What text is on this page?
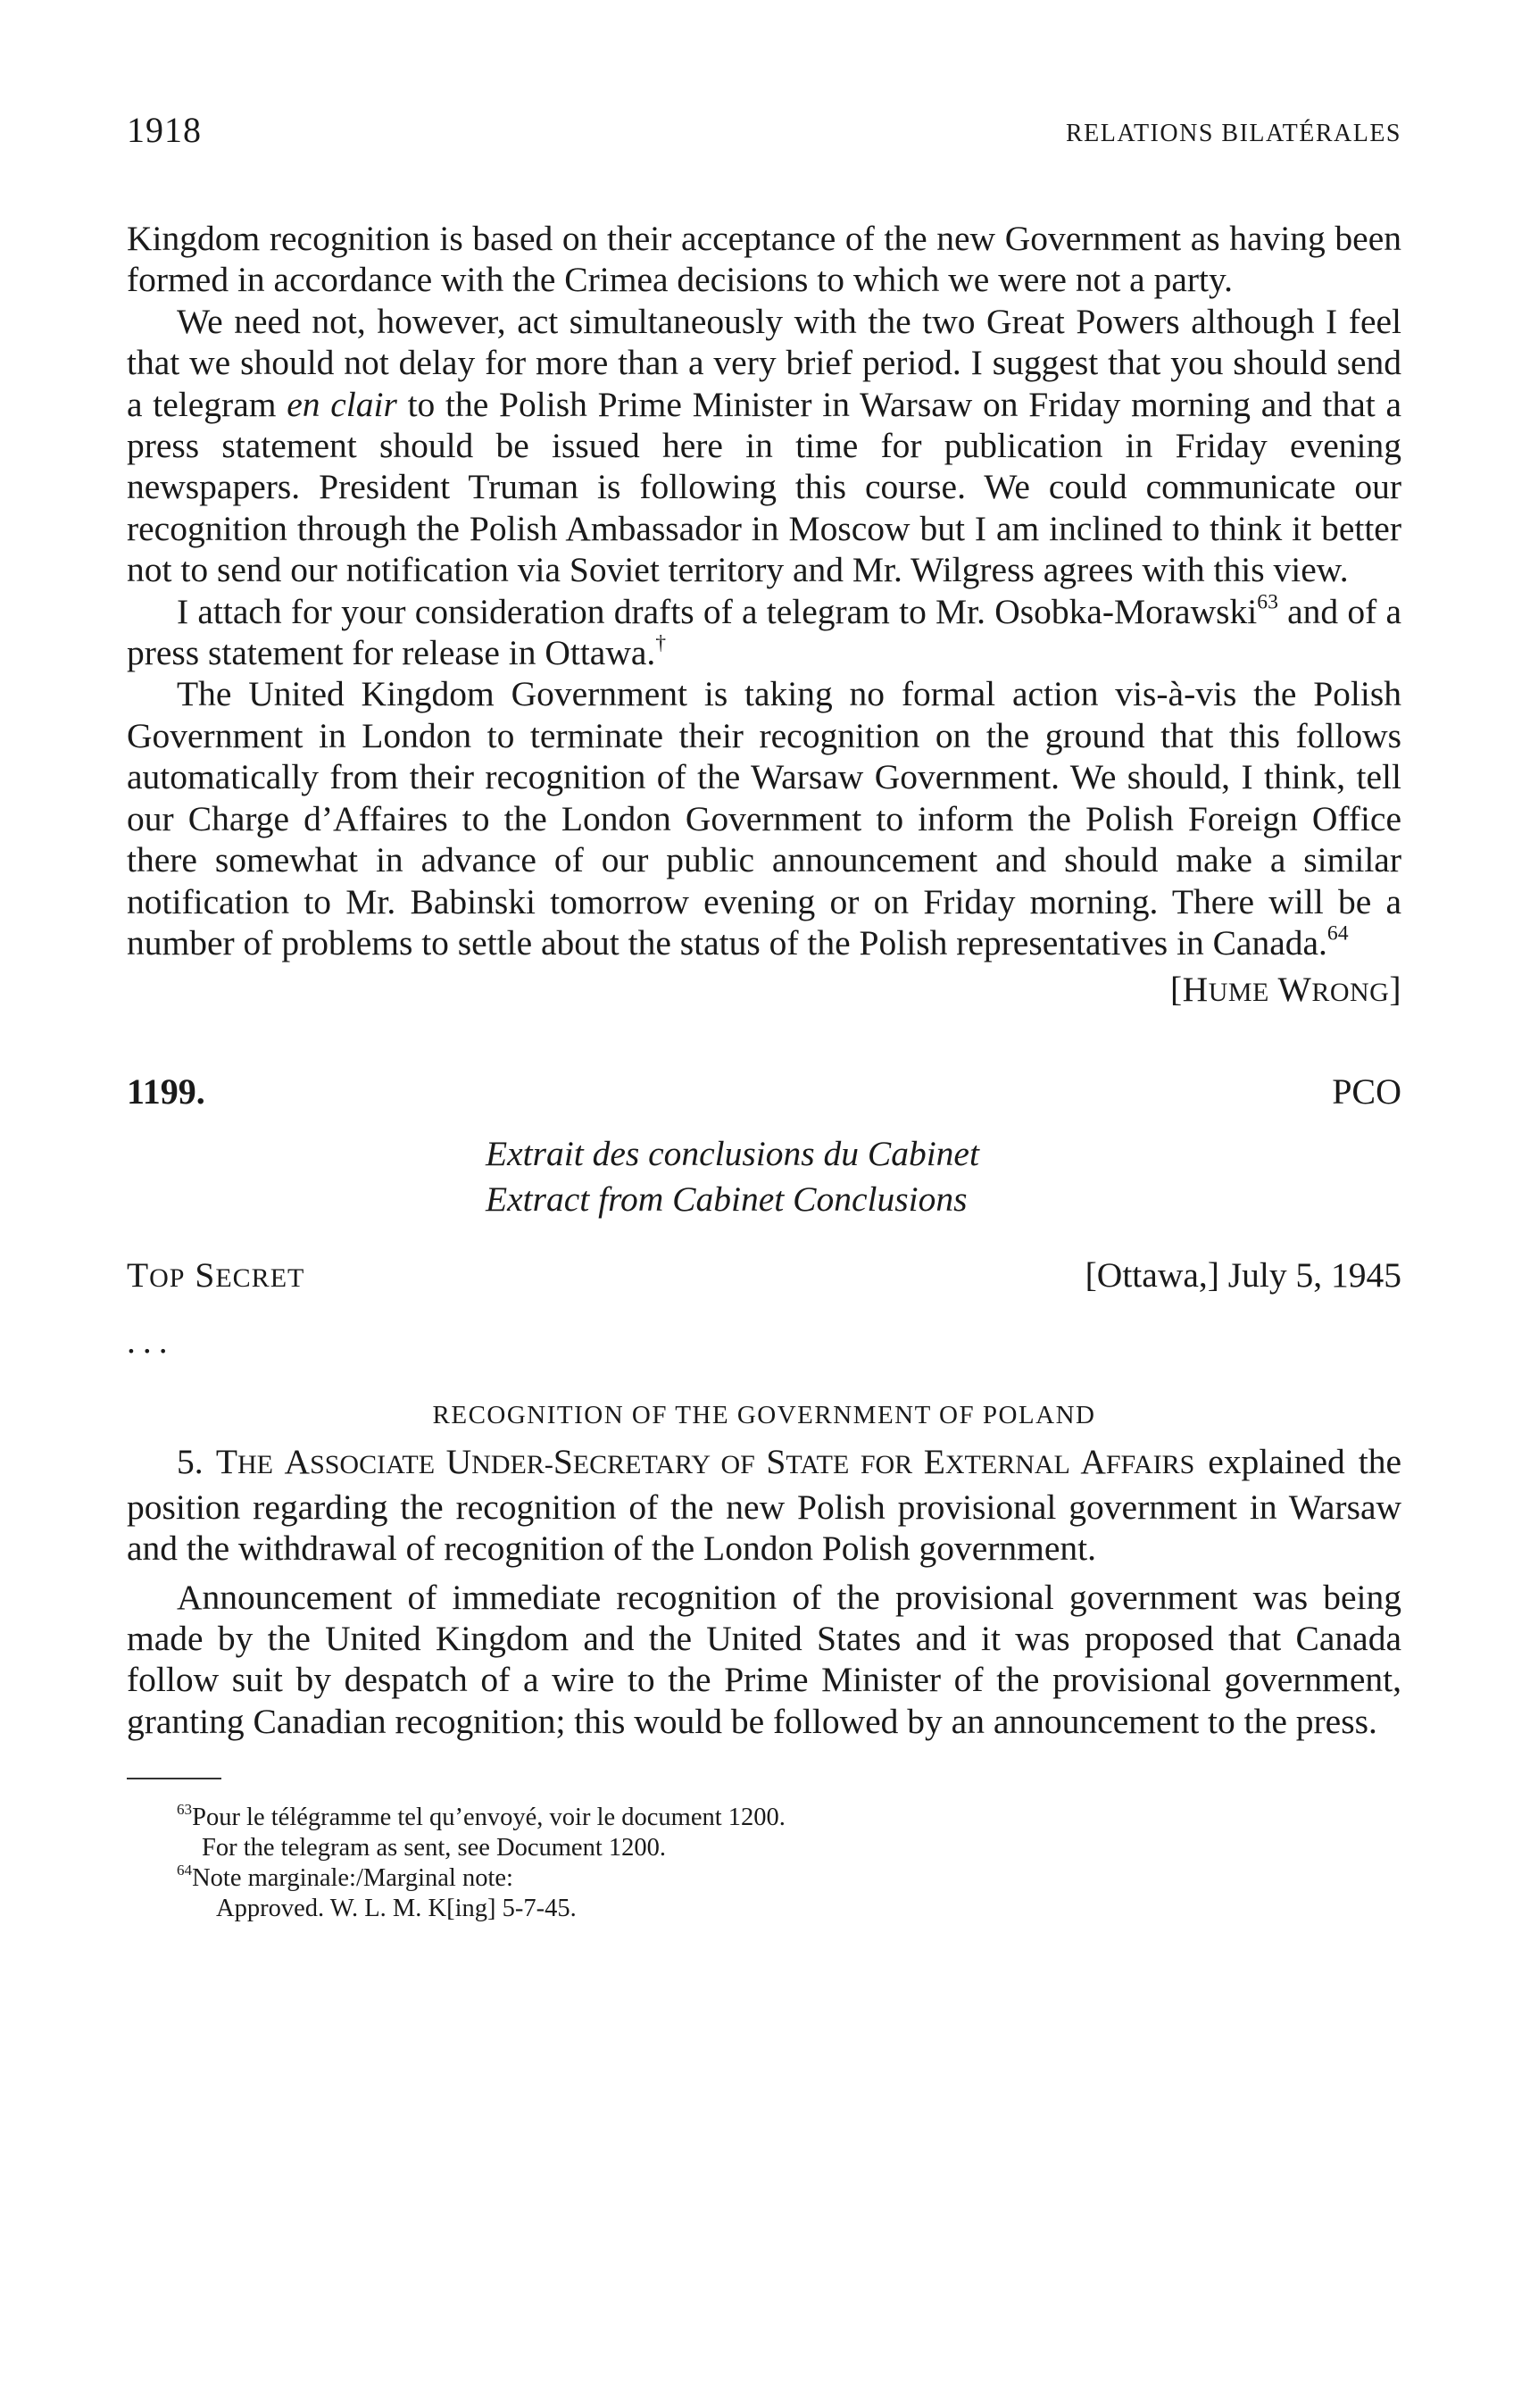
1918	RELATIONS BILATÉRALES

Kingdom recognition is based on their acceptance of the new Government as having been formed in accordance with the Crimea decisions to which we were not a party.

We need not, however, act simultaneously with the two Great Powers although I feel that we should not delay for more than a very brief period. I suggest that you should send a telegram en clair to the Polish Prime Minister in Warsaw on Friday morning and that a press statement should be issued here in time for publication in Friday evening newspapers. President Truman is following this course. We could communicate our recognition through the Polish Ambassador in Moscow but I am inclined to think it better not to send our notification via Soviet territory and Mr. Wilgress agrees with this view.

I attach for your consideration drafts of a telegram to Mr. Osobka-Morawski$^{63}$ and of a press statement for release in Ottawa.†

The United Kingdom Government is taking no formal action vis-à-vis the Polish Government in London to terminate their recognition on the ground that this follows automatically from their recognition of the Warsaw Government. We should, I think, tell our Charge d’Affaires to the London Government to inform the Polish Foreign Office there somewhat in advance of our public announcement and should make a similar notification to Mr. Babinski tomorrow evening or on Friday morning. There will be a number of problems to settle about the status of the Polish representatives in Canada.$^{64}$

[HUME WRONG]
1199.	PCO
Extrait des conclusions du Cabinet
Extract from Cabinet Conclusions
TOP SECRET	[Ottawa,] July 5, 1945
...
RECOGNITION OF THE GOVERNMENT OF POLAND

5. THE ASSOCIATE UNDER-SECRETARY OF STATE FOR EXTERNAL AFFAIRS explained the position regarding the recognition of the new Polish provisional government in Warsaw and the withdrawal of recognition of the London Polish government.

Announcement of immediate recognition of the provisional government was being made by the United Kingdom and the United States and it was proposed that Canada follow suit by despatch of a wire to the Prime Minister of the provisional government, granting Canadian recognition; this would be followed by an announcement to the press.

$^{63}$Pour le télégramme tel qu’envoyé, voir le document 1200.
For the telegram as sent, see Document 1200.
$^{64}$Note marginale:/Marginal note:
Approved. W. L. M. K[ing] 5-7-45.
